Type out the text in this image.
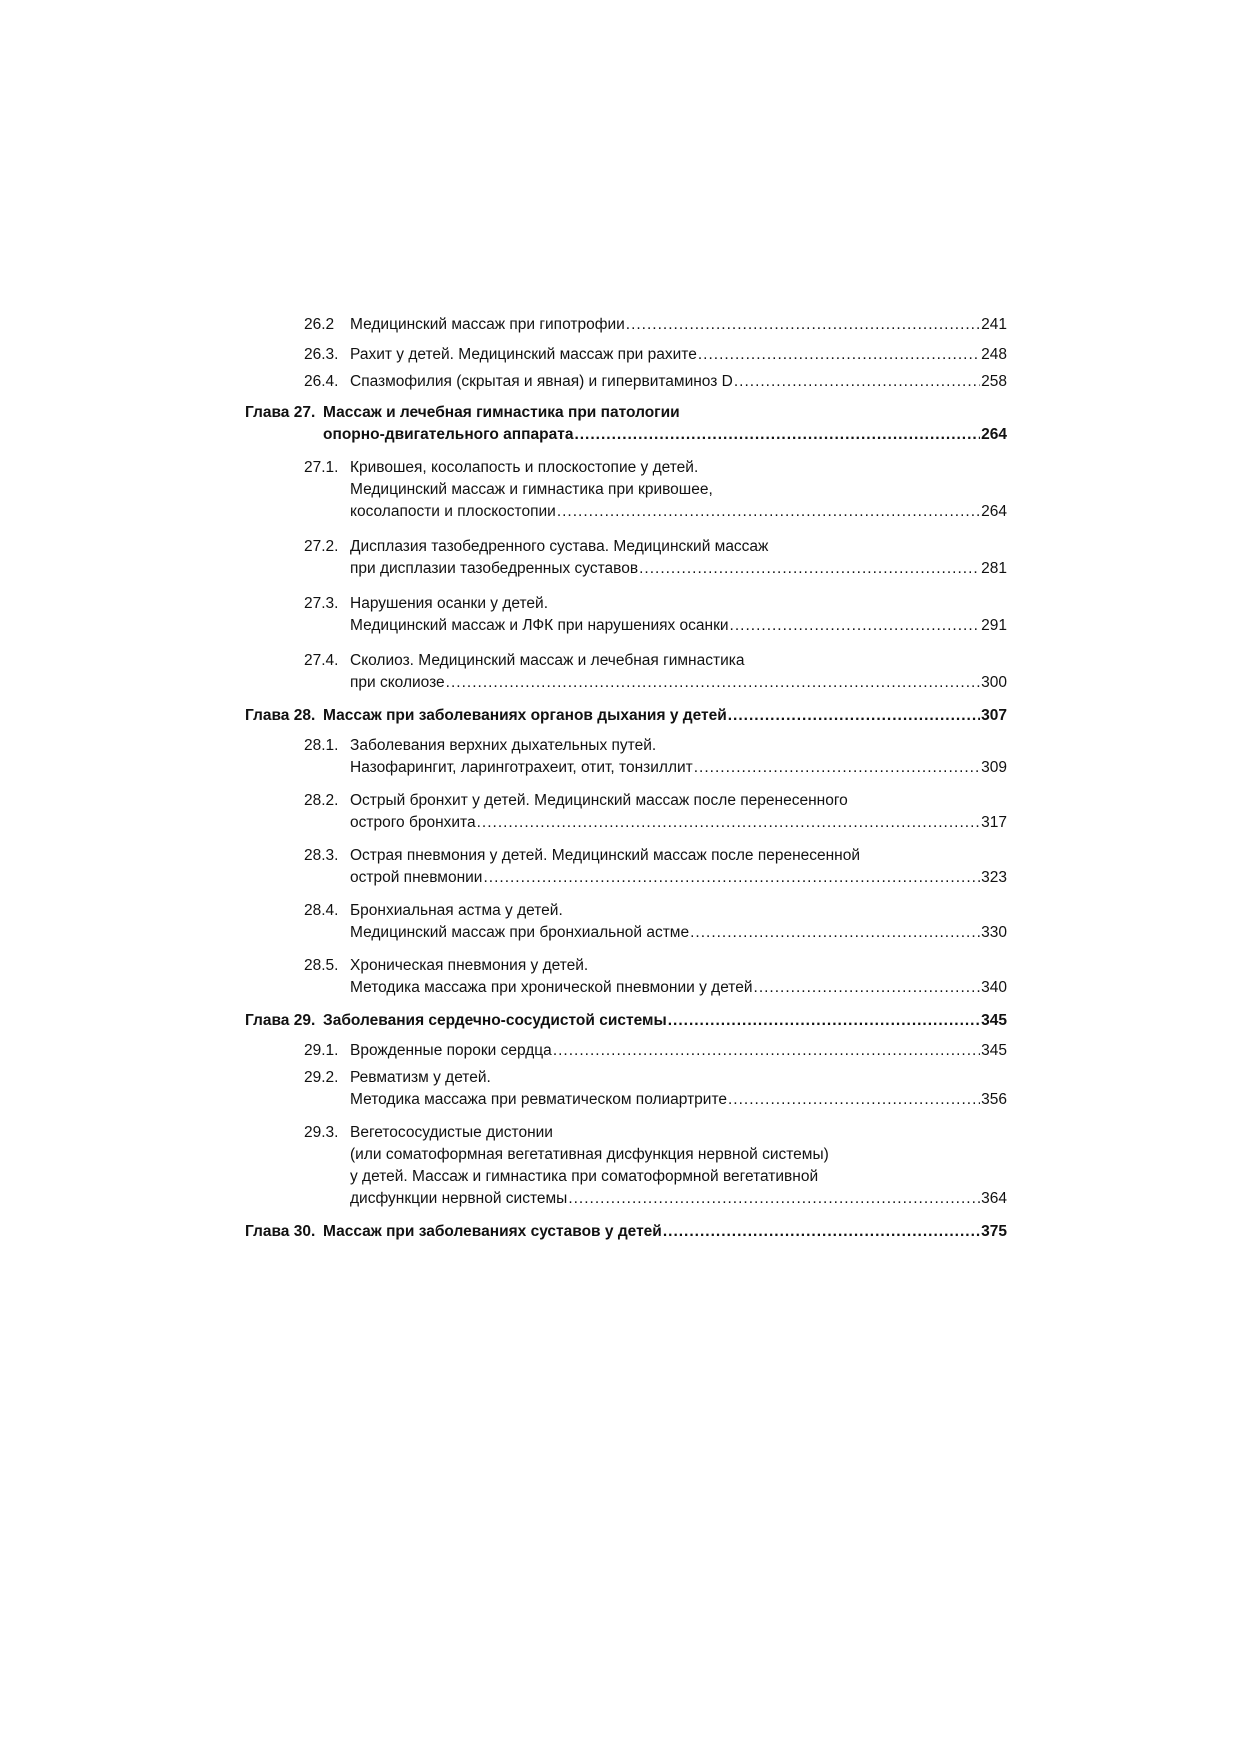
26.2 Медицинский массаж при гипотрофии .....	241
26.3. Рахит у детей. Медицинский массаж при рахите .....	248
26.4. Спазмофилия (скрытая и явная) и гипервитаминоз D .....	258
Глава 27. Массаж и лечебная гимнастика при патологии
опорно-двигательного аппарата .....	264
27.1. Кривошея, косолапость и плоскостопие у детей.
Медицинский массаж и гимнастика при кривошее,
косолапости и плоскостопии .....	264
27.2. Дисплазия тазобедренного сустава. Медицинский массаж
при дисплазии тазобедренных суставов .....	281
27.3. Нарушения осанки у детей.
Медицинский массаж и ЛФК при нарушениях осанки .....	291
27.4. Сколиоз. Медицинский массаж и лечебная гимнастика
при сколиозе .....	300
Глава 28. Массаж при заболеваниях органов дыхания у детей .....	307
28.1. Заболевания верхних дыхательных путей.
Назофарингит, ларинготрахеит, отит, тонзиллит .....	309
28.2. Острый бронхит у детей. Медицинский массаж после перенесенного
острого бронхита .....	317
28.3. Острая пневмония у детей. Медицинский массаж после перенесенной
острой пневмонии .....	323
28.4. Бронхиальная астма у детей.
Медицинский массаж при бронхиальной астме .....	330
28.5. Хроническая пневмония у детей.
Методика массажа при хронической пневмонии у детей .....	340
Глава 29. Заболевания сердечно-сосудистой системы .....	345
29.1. Врожденные пороки сердца .....	345
29.2. Ревматизм у детей.
Методика массажа при ревматическом полиартрите .....	356
29.3. Вегетососудистые дистонии
(или соматоформная вегетативная дисфункция нервной системы)
у детей. Массаж и гимнастика при соматоформной вегетативной
дисфункции нервной системы .....	364
Глава 30. Массаж при заболеваниях суставов у детей .....	375
